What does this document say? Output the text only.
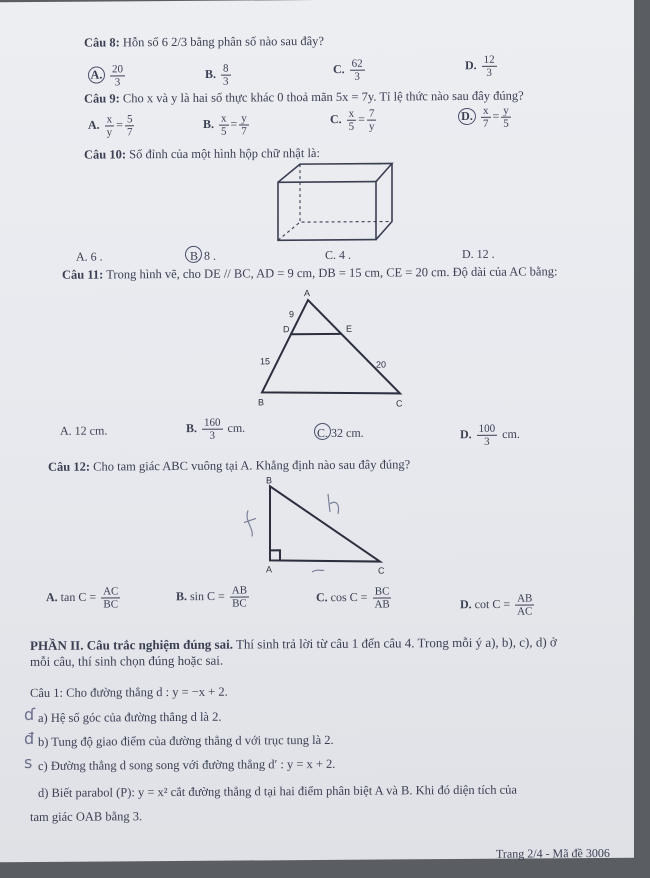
Câu 8: Hỗn số 6 2/3 bằng phân số nào sau đây?
A. $\frac{20}{3}$	B. $\frac{8}{3}$	C. $\frac{62}{3}$	D. $\frac{12}{3}$
Câu 9: Cho x và y là hai số thực khác 0 thoả mãn 5x = 7y. Tỉ lệ thức nào sau đây đúng?
A. $\frac{x}{y} = \frac{5}{7}$	B. $\frac{x}{5} = \frac{y}{7}$	C. $\frac{x}{5} = \frac{7}{y}$	D. $\frac{x}{7} = \frac{y}{5}$
Câu 10: Số đỉnh của một hình hộp chữ nhật là:
A. 6 .	B. 8 .	C. 4 .	D. 12 .
Câu 11: Trong hình vẽ, cho DE // BC, AD = 9 cm, DB = 15 cm, CE = 20 cm. Độ dài của AC bằng:
A
D	E
B	C
9
15	20
A. 12 cm.	B. $\frac{160}{3}$ cm.	C. 32 cm.	D. $\frac{100}{3}$ cm.
Câu 12: Cho tam giác ABC vuông tại A. Khẳng định nào sau đây đúng?
B
A	C
A. $\tan C = \frac{AC}{BC}$	B. $\sin C = \frac{AB}{BC}$	C. $\cos C = \frac{BC}{AB}$	D. $\cot C = \frac{AB}{AC}$
PHẦN II. Câu trắc nghiệm đúng sai. Thí sinh trả lời từ câu 1 đến câu 4. Trong mỗi ý a), b), c), d) ở
mỗi câu, thí sinh chọn đúng hoặc sai.
Câu 1: Cho đường thẳng d : y = −x + 2.
ɗ a) Hệ số góc của đường thẳng d là 2.
đ b) Tung độ giao điểm của đường thẳng d với trục tung là 2.
s c) Đường thẳng d song song với đường thẳng d′ : y = x + 2.
d) Biết parabol (P): y = x² cắt đường thẳng d tại hai điểm phân biệt A và B. Khi đó diện tích của
tam giác OAB bằng 3.
Trang 2/4 - Mã đề 3006
